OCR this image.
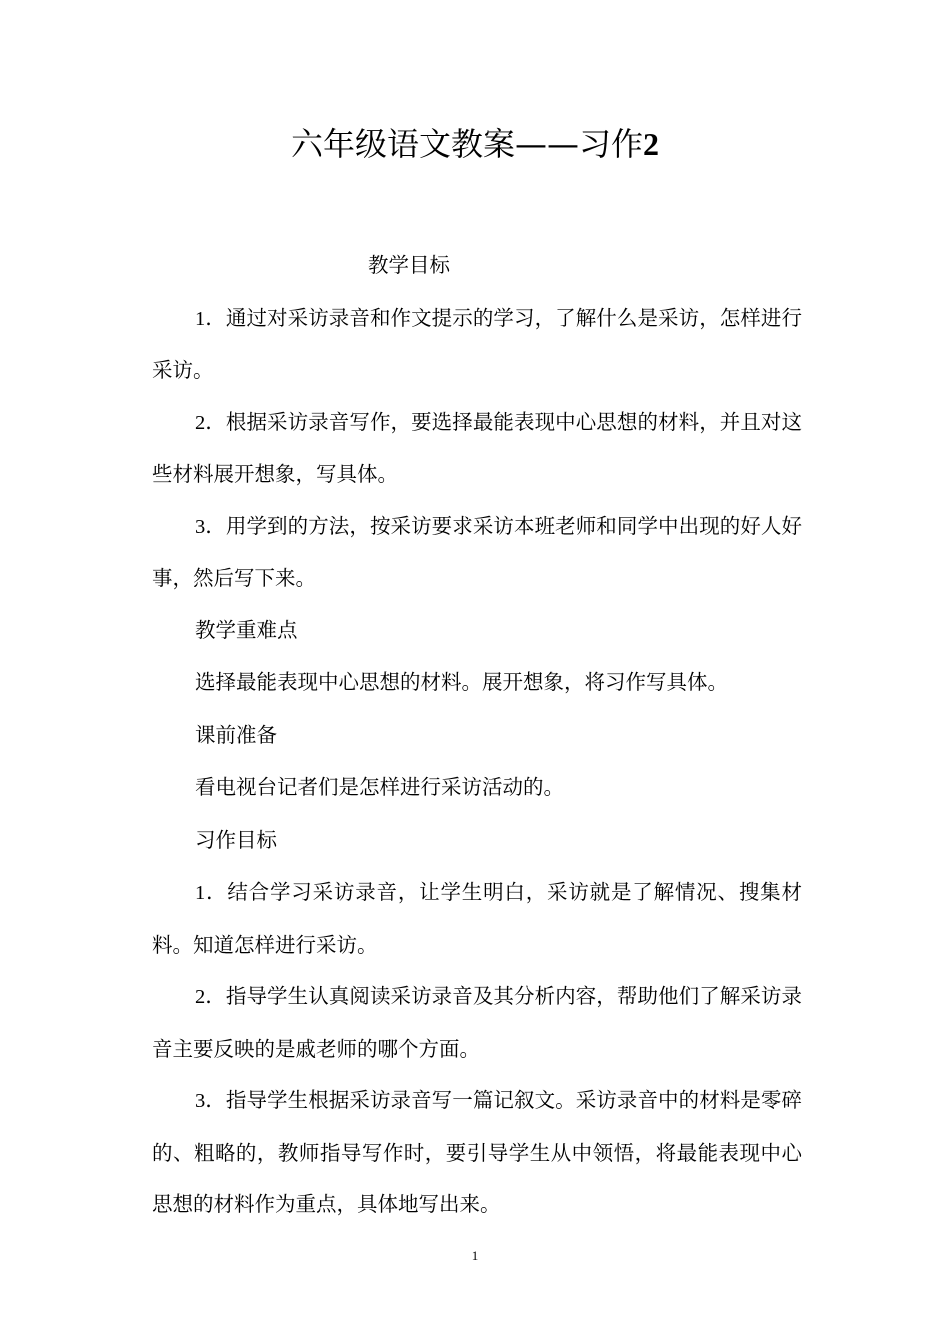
六年级语文教案——习作2

教学目标

1．通过对采访录音和作文提示的学习，了解什么是采访，怎样进行采访。

2．根据采访录音写作，要选择最能表现中心思想的材料，并且对这些材料展开想象，写具体。

3．用学到的方法，按采访要求采访本班老师和同学中出现的好人好事，然后写下来。

教学重难点

选择最能表现中心思想的材料。展开想象，将习作写具体。

课前准备

看电视台记者们是怎样进行采访活动的。

习作目标

1．结合学习采访录音，让学生明白，采访就是了解情况、搜集材料。知道怎样进行采访。

2．指导学生认真阅读采访录音及其分析内容，帮助他们了解采访录音主要反映的是戚老师的哪个方面。

3．指导学生根据采访录音写一篇记叙文。采访录音中的材料是零碎的、粗略的，教师指导写作时，要引导学生从中领悟，将最能表现中心思想的材料作为重点，具体地写出来。

1
